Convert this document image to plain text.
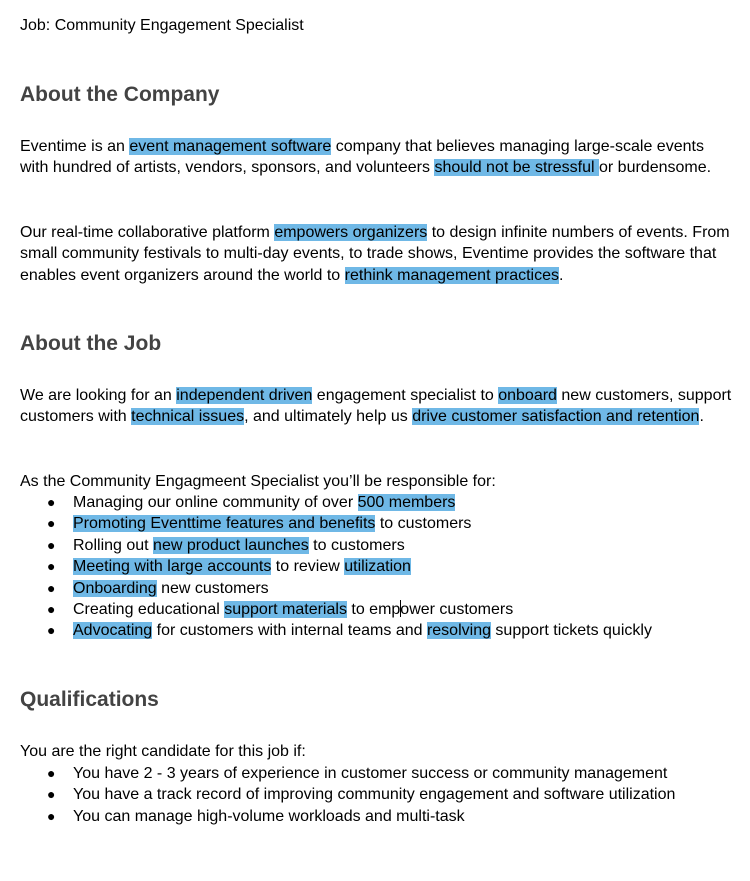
Job: Community Engagement Specialist
About the Company

Eventime is an event management software company that believes managing large-scale events with hundred of artists, vendors, sponsors, and volunteers should not be stressful or burdensome.

Our real-time collaborative platform empowers organizers to design infinite numbers of events. From small community festivals to multi-day events, to trade shows, Eventime provides the software that enables event organizers around the world to rethink management practices.

About the Job

We are looking for an independent driven engagement specialist to onboard new customers, support customers with technical issues, and ultimately help us drive customer satisfaction and retention.

As the Community Engagmeent Specialist you’ll be responsible for:

● Managing our online community of over 500 members
● Promoting Eventtime features and benefits to customers
● Rolling out new product launches to customers
● Meeting with large accounts to review utilization
● Onboarding new customers
● Creating educational support materials to empower customers
● Advocating for customers with internal teams and resolving support tickets quickly
Qualifications

You are the right candidate for this job if:

● You have 2 - 3 years of experience in customer success or community management
● You have a track record of improving community engagement and software utilization
● You can manage high-volume workloads and multi-task
